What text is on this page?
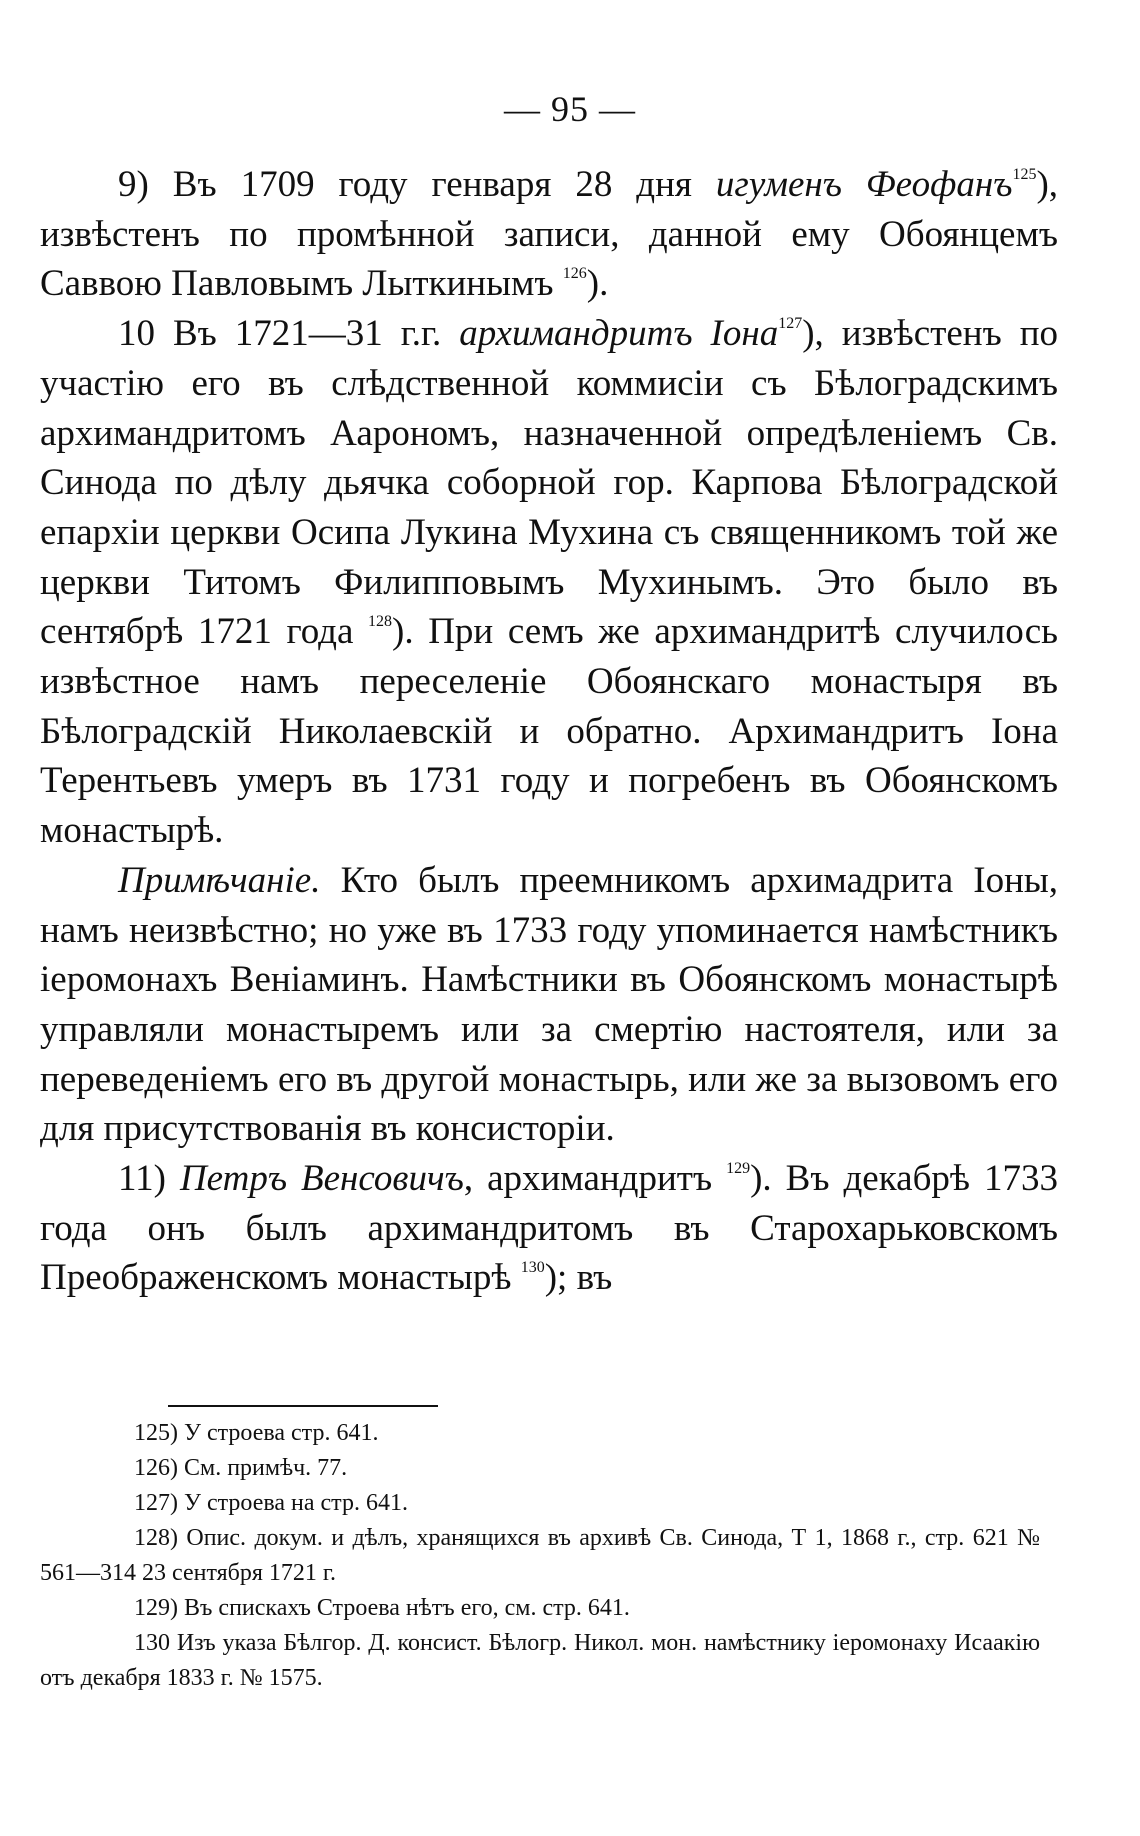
— 95 —

9) Въ 1709 году генваря 28 дня игуменъ Феофанъ$^{125}$), извѣстенъ по промѣнной записи, данной ему Обоянцемъ Саввою Павловымъ Лыткинымъ $^{126}$).

10 Въ 1721—31 г.г. архимандритъ Іона$^{127}$), извѣстенъ по участію его въ слѣдственной коммисіи съ Бѣлоградскимъ архимандритомъ Аарономъ, назначенной опредѣленіемъ Св. Синода по дѣлу дьячка соборной гор. Карпова Бѣлоградской епархіи церкви Осипа Лукина Мухина съ священникомъ той же церкви Титомъ Филипповымъ Мухинымъ. Это было въ сентябрѣ 1721 года $^{128}$). При семъ же архимандритѣ случилось извѣстное намъ переселеніе Обоянскаго монастыря въ Бѣлоградскій Николаевскій и обратно. Архимандритъ Іона Терентьевъ умеръ въ 1731 году и погребенъ въ Обоянскомъ монастырѣ.

Примѣчаніе. Кто былъ преемникомъ архимадрита Іоны, намъ неизвѣстно; но уже въ 1733 году упоминается намѣстникъ іеромонахъ Веніаминъ. Намѣстники въ Обоянскомъ монастырѣ управляли монастыремъ или за смертію настоятеля, или за переведеніемъ его въ другой монастырь, или же за вызовомъ его для присутствованія въ консисторіи.

11) Петръ Венсовичъ, архимандритъ $^{129}$). Въ декабрѣ 1733 года онъ былъ архимандритомъ въ Старохарьковскомъ Преображенскомъ монастырѣ $^{130}$); въ

125) У строева стр. 641.

126) См. примѣч. 77.

127) У строева на стр. 641.

128) Опис. докум. и дѣлъ, хранящихся въ архивѣ Св. Синода, Т 1, 1868 г., стр. 621 № 561—314 23 сентября 1721 г.

129) Въ спискахъ Строева нѣтъ его, см. стр. 641.

130 Изъ указа Бѣлгор. Д. консист. Бѣлогр. Никол. мон. намѣстнику іеромонаху Исаакію отъ декабря 1833 г. № 1575.
